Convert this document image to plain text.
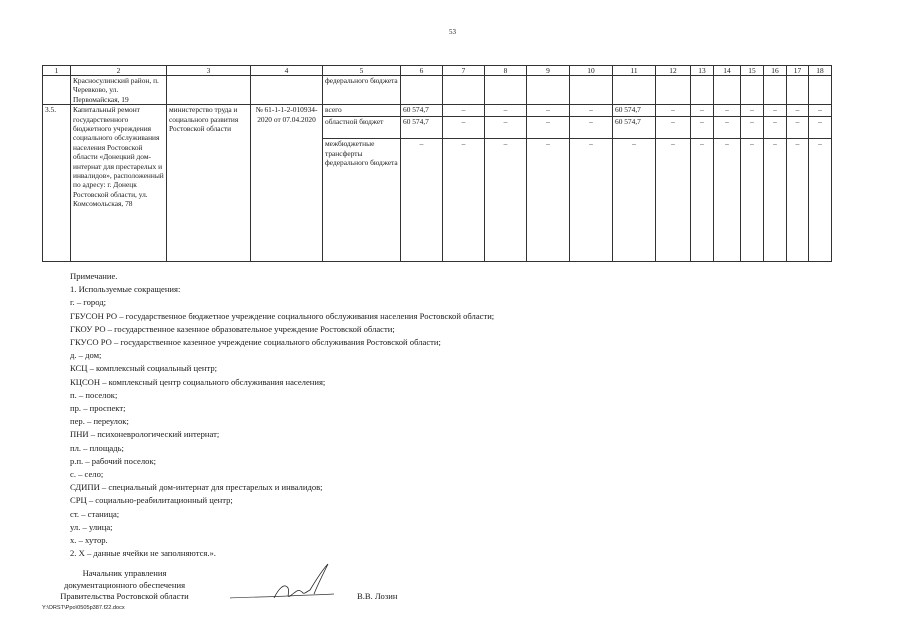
53
1	2	3	4	5	6	7	8	9	10	11	12	13	14	15	16	17	18
	Красносулинский район, п. Черевково, ул. Первомайская, 19			федерального бюджета													
3.5.	Капитальный ремонт государственного бюджетного учреждения социального обслуживания населения Ростовской области «Донецкий дом-интернат для престарелых и инвалидов», расположенный по адресу: г. Донецк Ростовской области, ул. Комсомольская, 78	министерство труда и социального развития Ростовской области	№ 61-1-1-2-010934-2020 от 07.04.2020	всего	60 574,7	–	–	–	–	60 574,7	–	–	–	–	–	–	–
				областной бюджет	60 574,7	–	–	–	–	60 574,7	–	–	–	–	–	–	–
				межбюджетные трансферты федерального бюджета	–	–	–	–	–	–	–	–	–	–	–	–	–
Примечание.
1. Используемые сокращения:
г. – город;
ГБУСОН РО – государственное бюджетное учреждение социального обслуживания населения Ростовской области;
ГКОУ РО – государственное казенное образовательное учреждение Ростовской области;
ГКУСО РО – государственное казенное учреждение социального обслуживания Ростовской области;
д. – дом;
КСЦ – комплексный социальный центр;
КЦСОН – комплексный центр социального обслуживания населения;
п. – поселок;
пр. – проспект;
пер. – переулок;
ПНИ – психоневрологический интернат;
пл. – площадь;
р.п. – рабочий поселок;
с. – село;
СДИПИ – специальный дом-интернат для престарелых и инвалидов;
СРЦ – социально-реабилитационный центр;
ст. – станица;
ул. – улица;
х. – хутор.
2. Х – данные ячейки не заполняются.».
Начальник управления
документационного обеспечения
Правительства Ростовской области	В.В. Лозин
Y:\ORST\Ppo\0505p387.f22.docx
